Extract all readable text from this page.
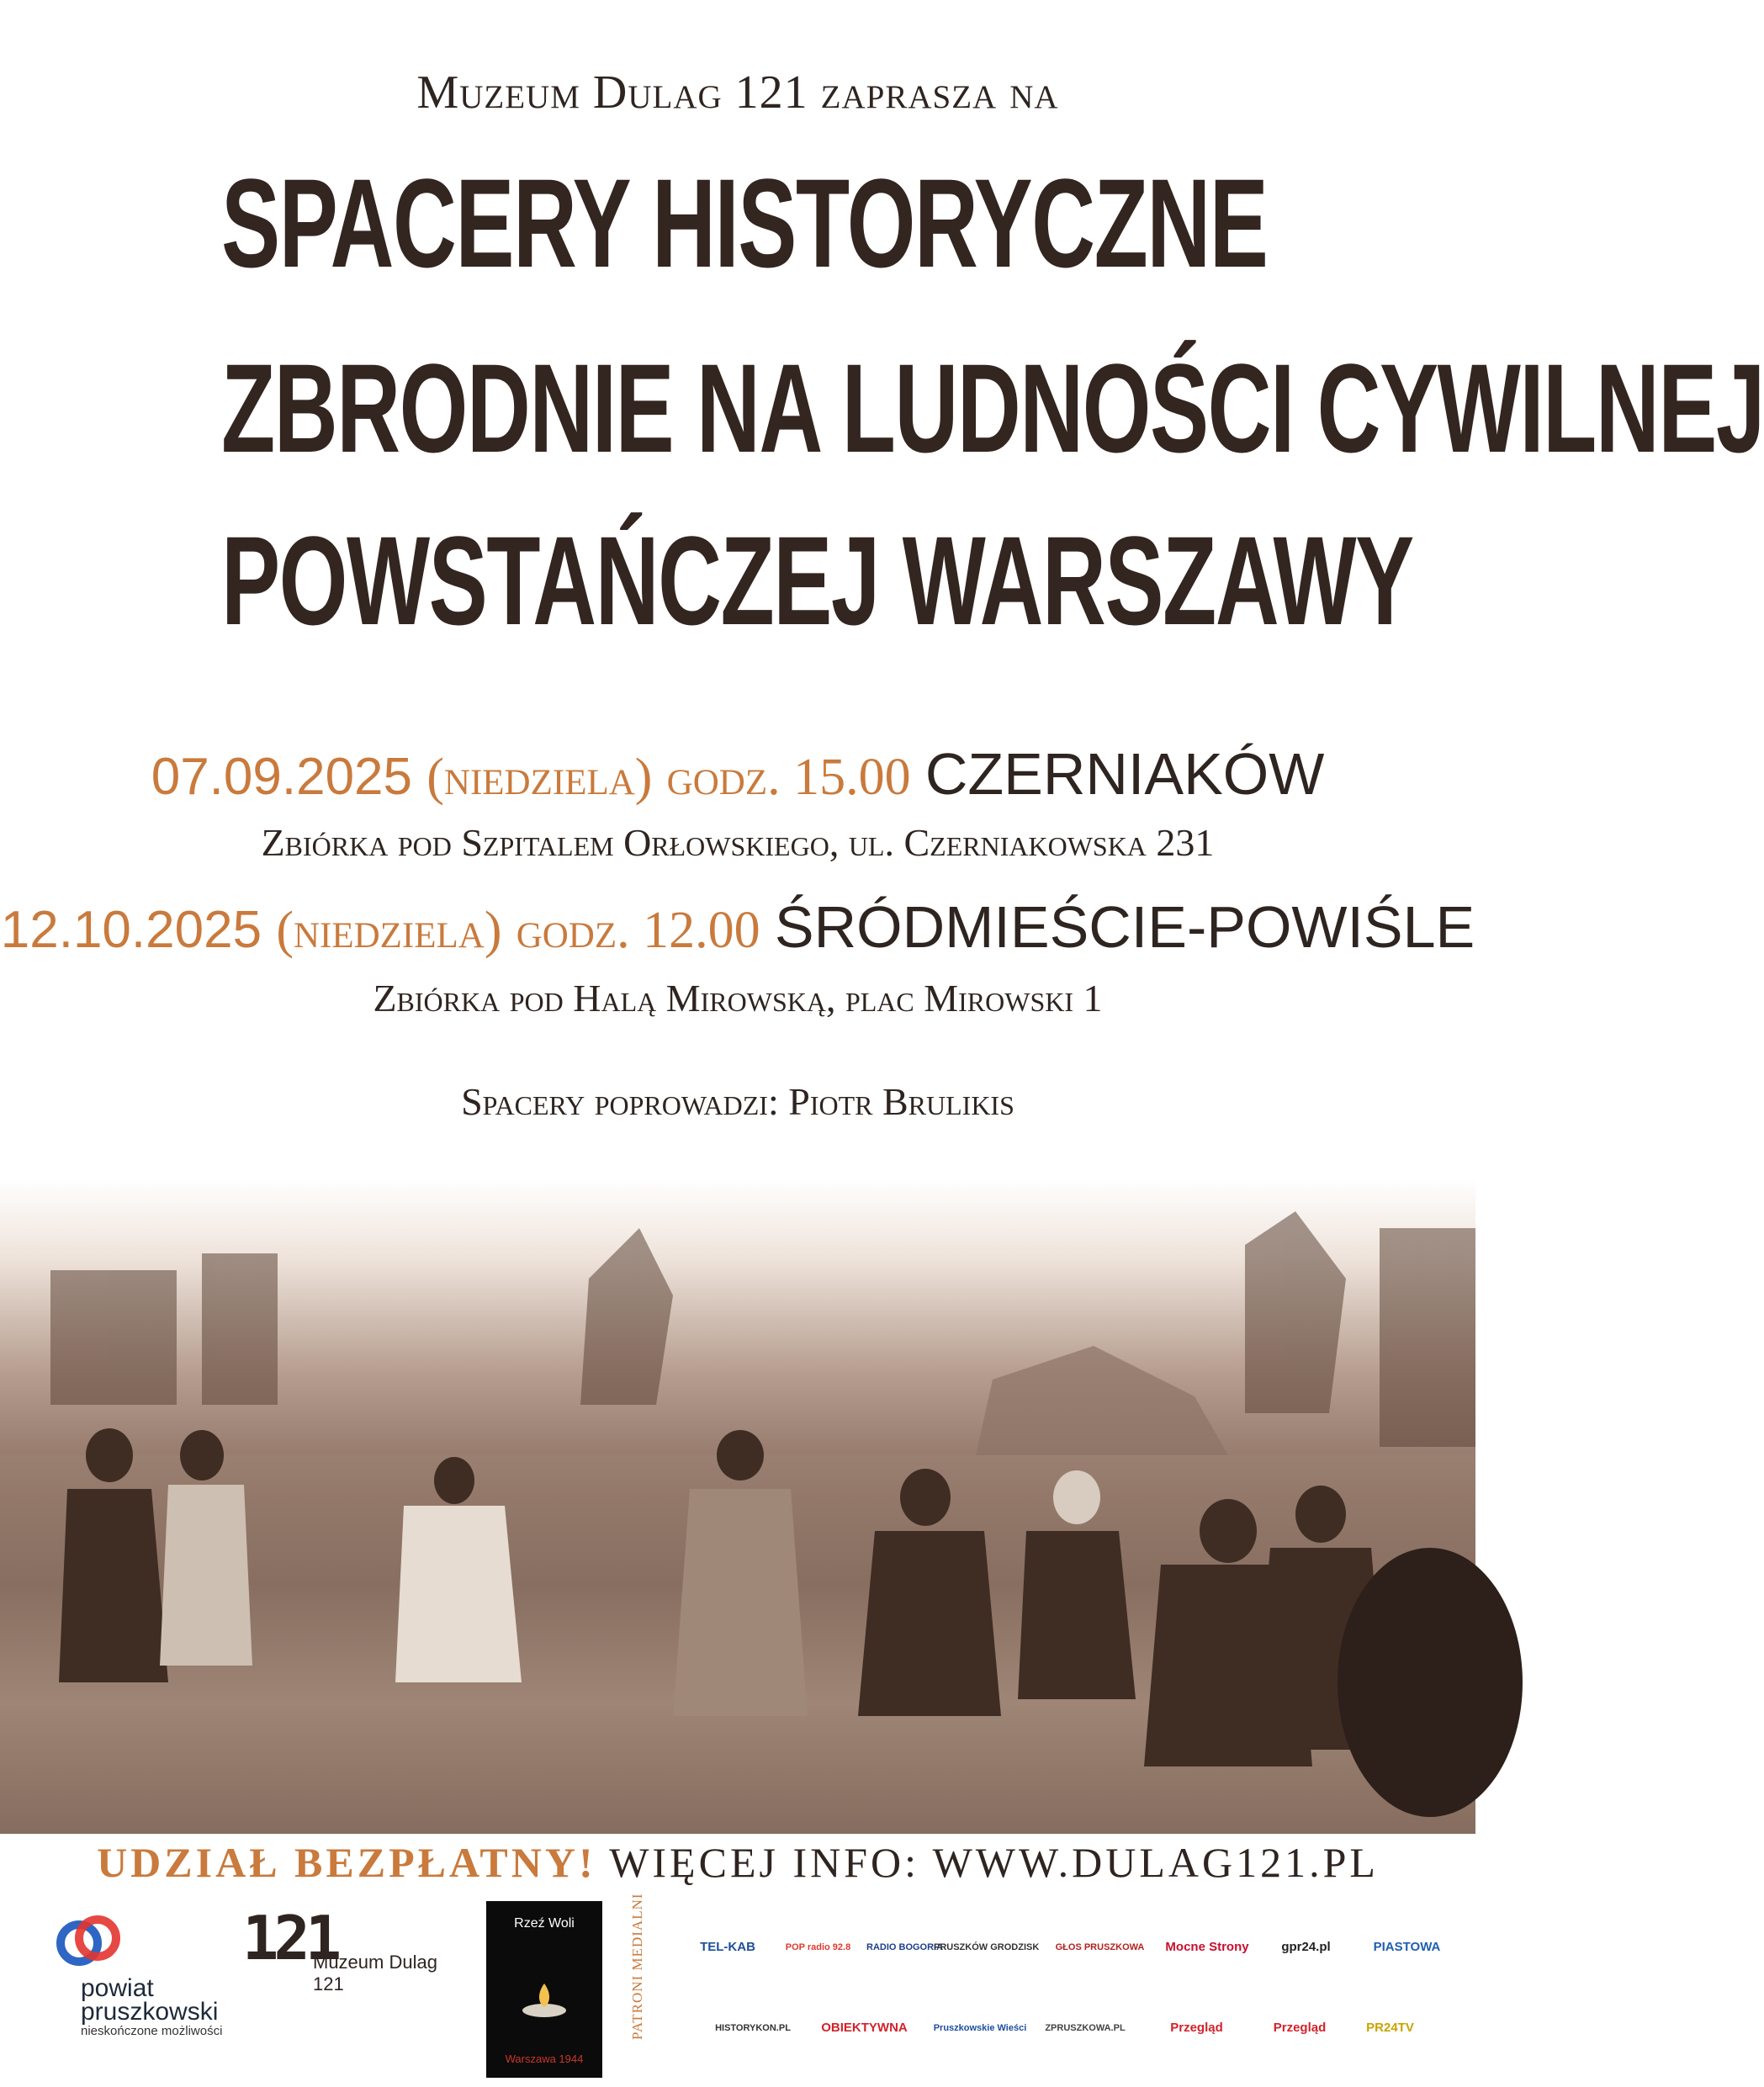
Muzeum Dulag 121 zaprasza na
SPACERY HISTORYCZNE
ZBRODNIE NA LUDNOŚCI CYWILNEJ
POWSTAŃCZEJ WARSZAWY
07.09.2025 (niedziela) godz. 15.00 CZERNIAKÓW
Zbiórka pod Szpitalem Orłowskiego, ul. Czerniakowska 231
12.10.2025 (niedziela) godz. 12.00 ŚRÓDMIEŚCIE-POWIŚLE
Zbiórka pod Halą Mirowską, plac Mirowski 1
Spacery poprowadzi: Piotr Brulikis
UDZIAŁ BEZPŁATNY! WIĘCEJ INFO: WWW.DULAG121.PL
powiat
pruszkowski
nieskończone możliwości
121
Muzeum Dulag 121
Rzeź Woli
Warszawa 1944
PATRONI MEDIALNI	TEL-KAB	POP radio 92.8	RADIO BOGORIA
PRUSZKÓW GRODZISK	GŁOS PRUSZKOWA	Mocne Strony	gpr24.pl	PIASTOWA
HISTORYKON.PL	OBIEKTYWNA	Pruszkowskie Wieści	ZPRUSZKOWA.PL	Przegląd	Przegląd	PR24TV
